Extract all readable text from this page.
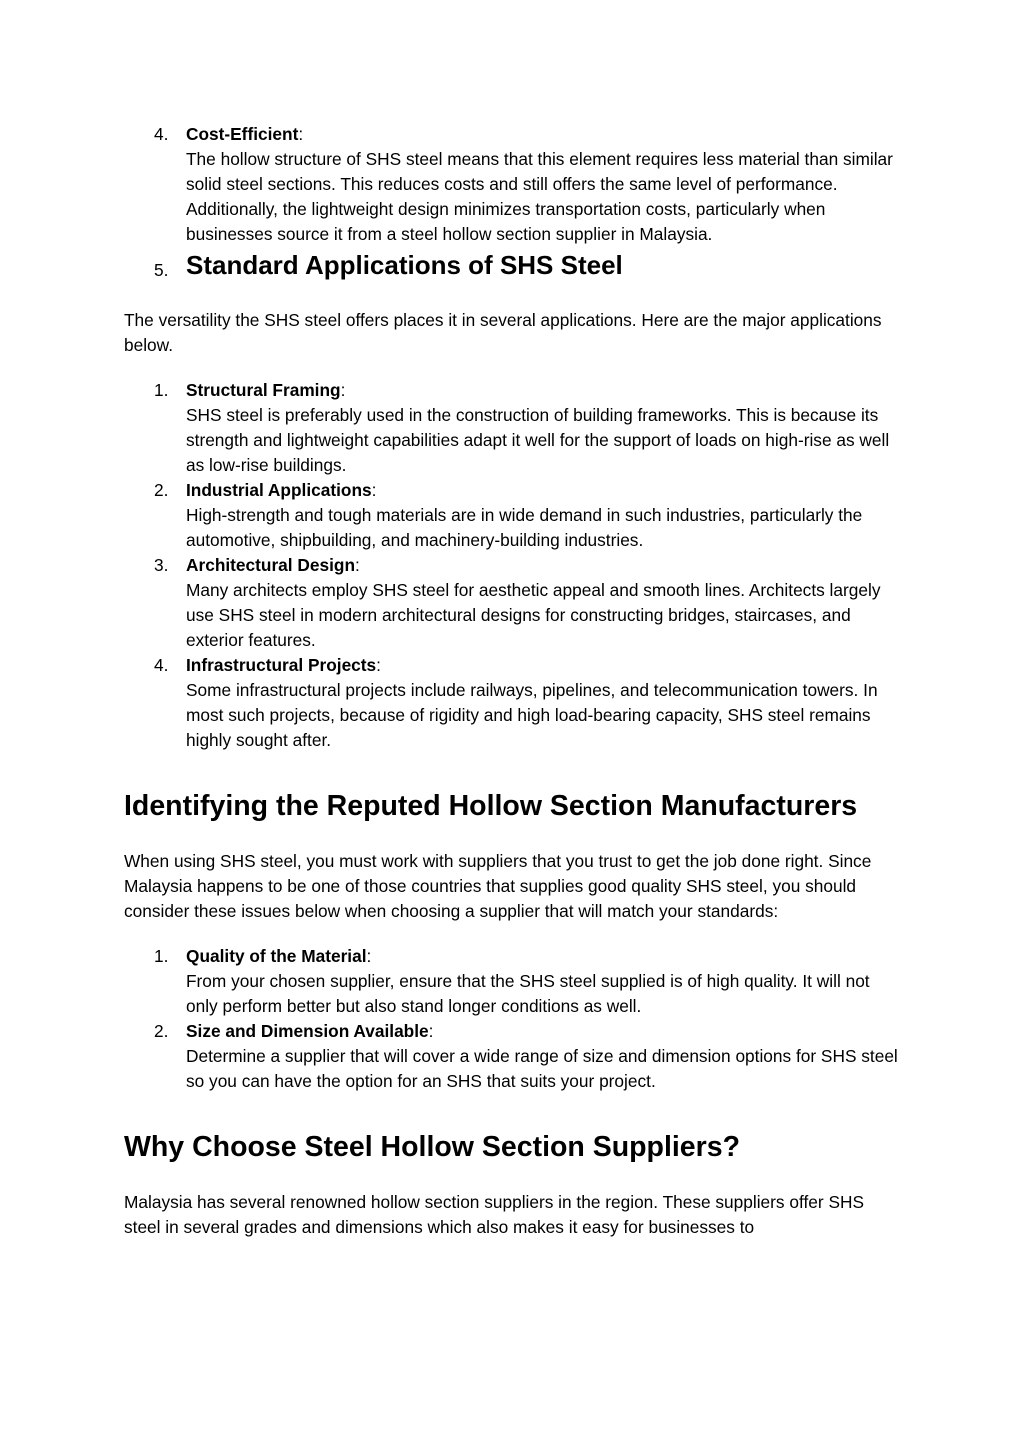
4. Cost-Efficient:
The hollow structure of SHS steel means that this element requires less material than similar solid steel sections. This reduces costs and still offers the same level of performance. Additionally, the lightweight design minimizes transportation costs, particularly when businesses source it from a steel hollow section supplier in Malaysia.
5. Standard Applications of SHS Steel

The versatility the SHS steel offers places it in several applications. Here are the major applications below.

1. Structural Framing:
SHS steel is preferably used in the construction of building frameworks. This is because its strength and lightweight capabilities adapt it well for the support of loads on high-rise as well as low-rise buildings.
2. Industrial Applications:
High-strength and tough materials are in wide demand in such industries, particularly the automotive, shipbuilding, and machinery-building industries.
3. Architectural Design:
Many architects employ SHS steel for aesthetic appeal and smooth lines. Architects largely use SHS steel in modern architectural designs for constructing bridges, staircases, and exterior features.
4. Infrastructural Projects:
Some infrastructural projects include railways, pipelines, and telecommunication towers. In most such projects, because of rigidity and high load-bearing capacity, SHS steel remains highly sought after.
Identifying the Reputed Hollow Section Manufacturers

When using SHS steel, you must work with suppliers that you trust to get the job done right. Since Malaysia happens to be one of those countries that supplies good quality SHS steel, you should consider these issues below when choosing a supplier that will match your standards:

1. Quality of the Material:
From your chosen supplier, ensure that the SHS steel supplied is of high quality. It will not only perform better but also stand longer conditions as well.
2. Size and Dimension Available:
Determine a supplier that will cover a wide range of size and dimension options for SHS steel so you can have the option for an SHS that suits your project.
Why Choose Steel Hollow Section Suppliers?

Malaysia has several renowned hollow section suppliers in the region. These suppliers offer SHS steel in several grades and dimensions which also makes it easy for businesses to
